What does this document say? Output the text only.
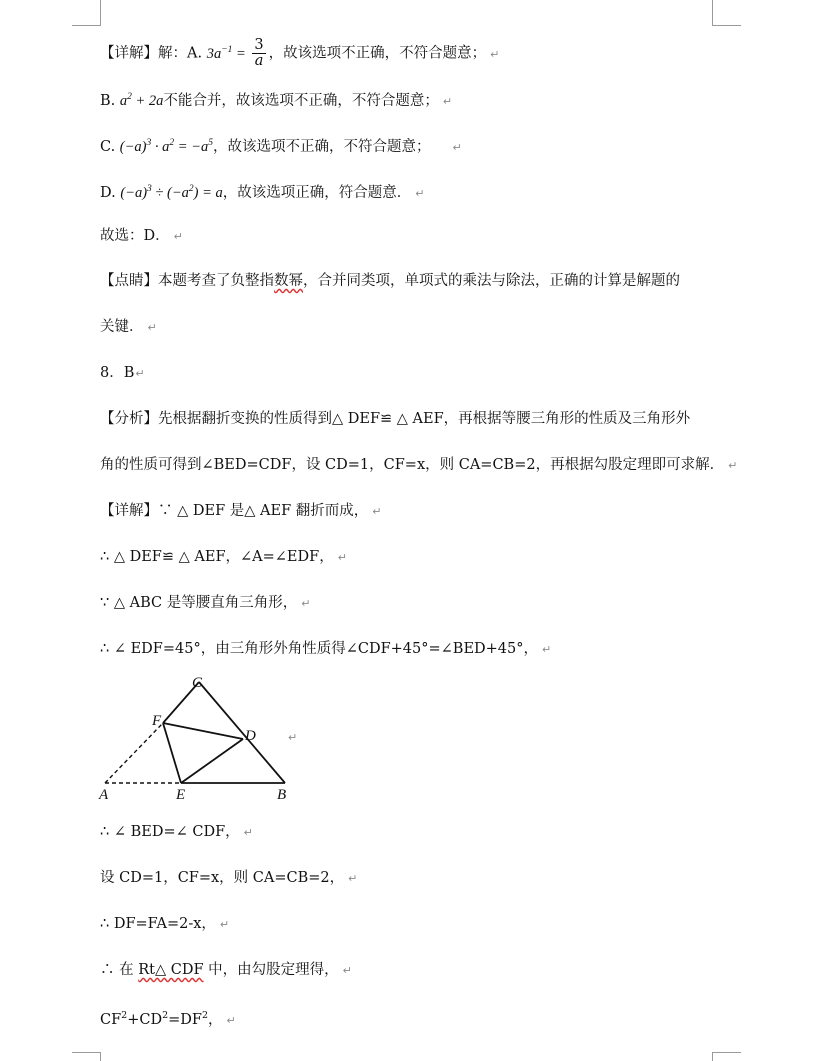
【详解】解：A. $3a^{-1} = \frac{3}{a}$ ，故该选项不正确，不符合题意； ↵
B. $a^2 + 2a$不能合并，故该选项不正确，不符合题意； ↵
C. $(-a)^3 \cdot a^2 = -a^5$，故该选项不正确，不符合题意； ↵
D. $(-a)^3 \div (-a^2) = a$，故该选项正确，符合题意． ↵
故选：D． ↵
【点睛】本题考查了负整指数幂，合并同类项，单项式的乘法与除法，正确的计算是解题的
关键． ↵
8．B↵
【分析】先根据翻折变换的性质得到△ DEF≌ △ AEF，再根据等腰三角形的性质及三角形外
角的性质可得到∠BED=CDF，设 CD=1，CF=x，则 CA=CB=2，再根据勾股定理即可求解． ↵
【详解】∵ △ DEF 是△ AEF 翻折而成， ↵
∴ △ DEF≌ △ AEF，∠A=∠EDF， ↵
∵ △ ABC 是等腰直角三角形， ↵
∴ ∠ EDF=45°，由三角形外角性质得∠CDF+45°=∠BED+45°， ↵
C
F
D
A	E	B
↵
∴ ∠ BED=∠ CDF， ↵
设 CD=1，CF=x，则 CA=CB=2， ↵
∴ DF=FA=2-x， ↵
∴ 在 Rt△ CDF 中，由勾股定理得， ↵
$CF^2+CD^2=DF^2$， ↵
